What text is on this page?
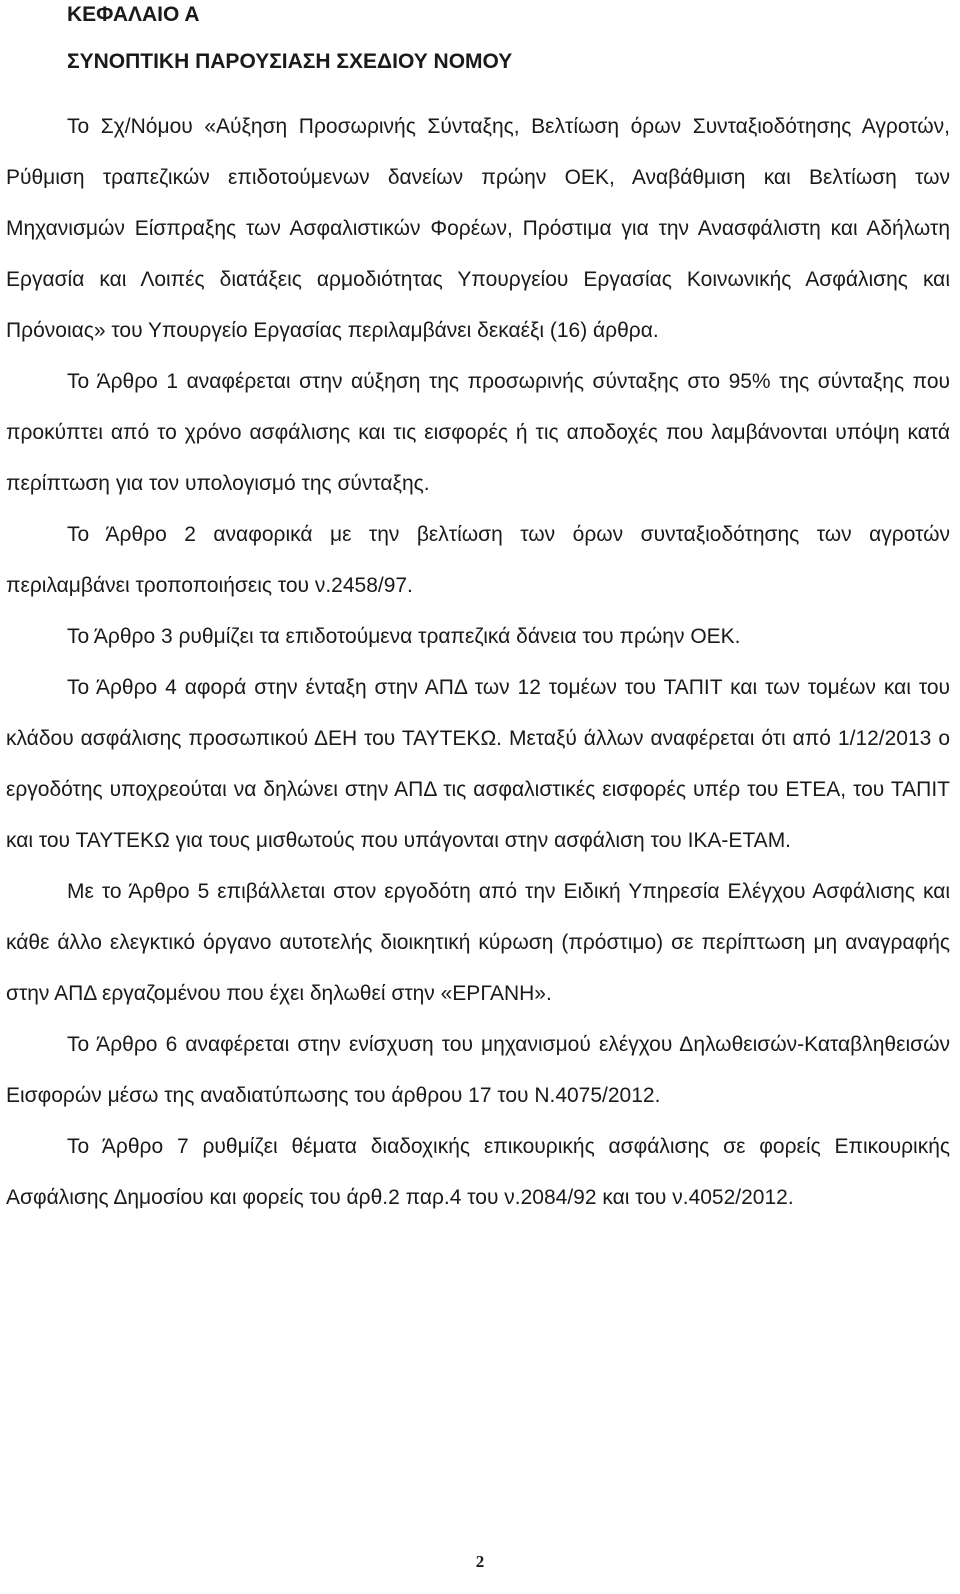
ΚΕΦΑΛΑΙΟ Α
ΣΥΝΟΠΤΙΚΗ ΠΑΡΟΥΣΙΑΣΗ ΣΧΕΔΙΟΥ ΝΟΜΟΥ

Το Σχ/Νόμου «Αύξηση Προσωρινής Σύνταξης, Βελτίωση όρων Συνταξιοδότησης Αγροτών, Ρύθμιση τραπεζικών επιδοτούμενων δανείων πρώην ΟΕΚ, Αναβάθμιση και Βελτίωση των Μηχανισμών Είσπραξης των Ασφαλιστικών Φορέων, Πρόστιμα για την Ανασφάλιστη και Αδήλωτη Εργασία και Λοιπές διατάξεις αρμοδιότητας Υπουργείου Εργασίας Κοινωνικής Ασφάλισης και Πρόνοιας» του Υπουργείο Εργασίας περιλαμβάνει δεκαέξι (16) άρθρα.

Το Άρθρο 1 αναφέρεται στην αύξηση της προσωρινής σύνταξης στο 95% της σύνταξης που προκύπτει από το χρόνο ασφάλισης και τις εισφορές ή τις αποδοχές που λαμβάνονται υπόψη κατά περίπτωση για τον υπολογισμό της σύνταξης.

Το Άρθρο 2 αναφορικά με την βελτίωση των όρων συνταξιοδότησης των αγροτών περιλαμβάνει τροποποιήσεις του ν.2458/97.

Το Άρθρο 3 ρυθμίζει τα επιδοτούμενα τραπεζικά δάνεια του πρώην ΟΕΚ.

Το Άρθρο 4 αφορά στην ένταξη στην ΑΠΔ των 12 τομέων του ΤΑΠΙΤ και των τομέων και του κλάδου ασφάλισης προσωπικού ΔΕΗ του ΤΑΥΤΕΚΩ. Μεταξύ άλλων αναφέρεται ότι από 1/12/2013 ο εργοδότης υποχρεούται να δηλώνει στην ΑΠΔ τις ασφαλιστικές εισφορές υπέρ του ΕΤΕΑ, του ΤΑΠΙΤ και του ΤΑΥΤΕΚΩ για τους μισθωτούς που υπάγονται στην ασφάλιση του ΙΚΑ-ΕΤΑΜ.

Με το Άρθρο 5 επιβάλλεται στον εργοδότη από την Ειδική Υπηρεσία Ελέγχου Ασφάλισης και κάθε άλλο ελεγκτικό όργανο αυτοτελής διοικητική κύρωση (πρόστιμο) σε περίπτωση μη αναγραφής στην ΑΠΔ εργαζομένου που έχει δηλωθεί στην «ΕΡΓΑΝΗ».

Το Άρθρο 6 αναφέρεται στην ενίσχυση του μηχανισμού ελέγχου Δηλωθεισών-Καταβληθεισών Εισφορών μέσω της αναδιατύπωσης του άρθρου 17 του Ν.4075/2012.

Το Άρθρο 7 ρυθμίζει θέματα διαδοχικής επικουρικής ασφάλισης σε φορείς Επικουρικής Ασφάλισης Δημοσίου και φορείς του άρθ.2 παρ.4 του ν.2084/92 και του ν.4052/2012.

2
